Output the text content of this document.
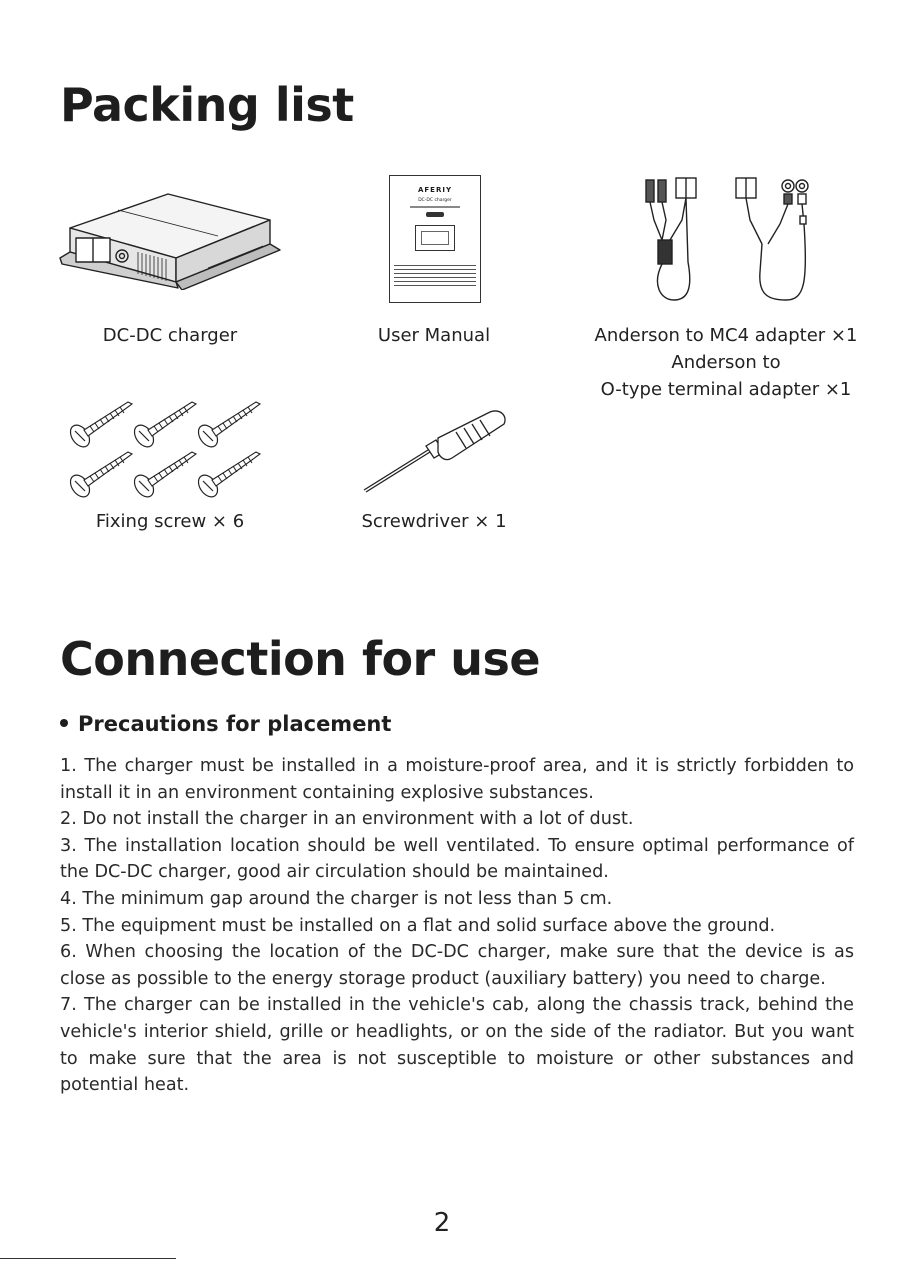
Packing list
DC-DC charger
AFERIY
DC-DC charger
User Manual	Anderson to MC4 adapter ×1
Anderson to
O-type terminal adapter ×1
Fixing screw × 6	Screwdriver × 1
Connection for use
Precautions for placement

1. The charger must be installed in a moisture-proof area, and it is strictly forbidden to install it in an environment containing explosive substances.

2. Do not install the charger in an environment with a lot of dust.

3. The installation location should be well ventilated. To ensure optimal performance of the DC-DC charger, good air circulation should be maintained.

4. The minimum gap around the charger is not less than 5 cm.

5. The equipment must be installed on a flat and solid surface above the ground.

6. When choosing the location of the DC-DC charger, make sure that the device is as close as possible to the energy storage product (auxiliary battery) you need to charge.

7. The charger can be installed in the vehicle's cab, along the chassis track, behind the vehicle's interior shield, grille or headlights, or on the side of the radiator. But you want to make sure that the area is not susceptible to moisture or other substances and potential heat.

2
